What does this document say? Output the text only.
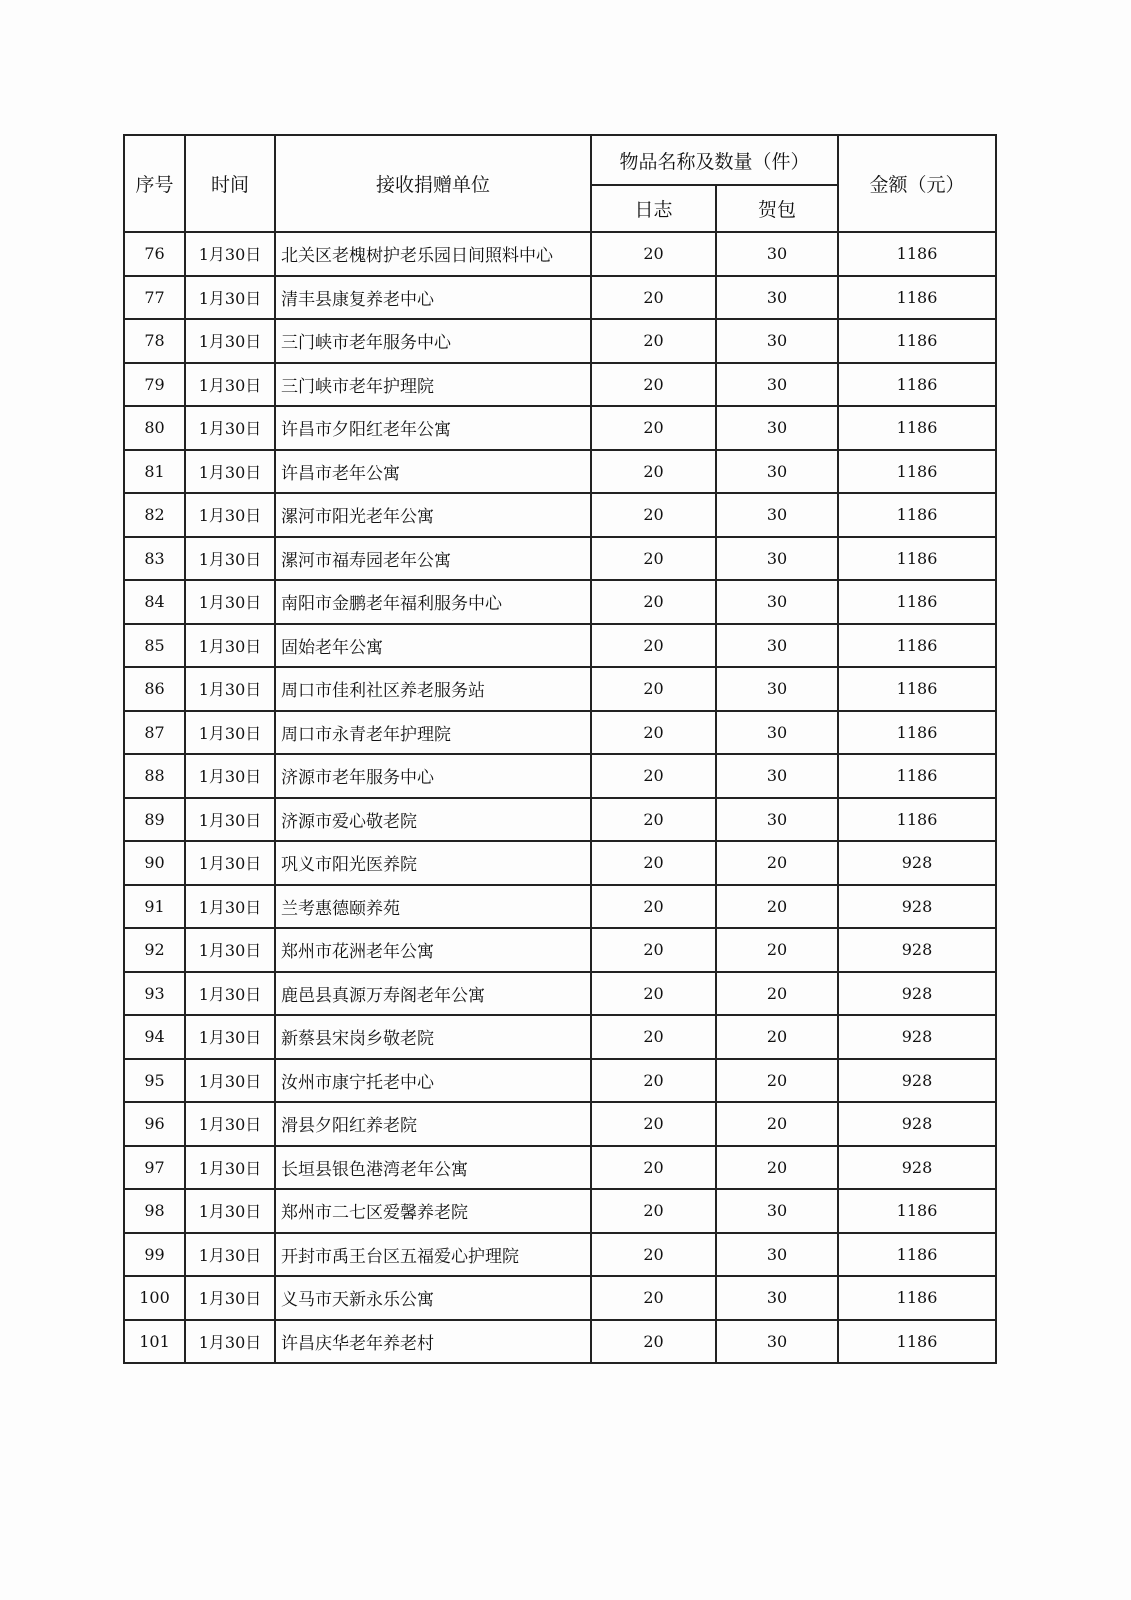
序号	时间	接收捐赠单位	物品名称及数量（件）		金额（元）
			日志	贺包	
76	1月30日	北关区老槐树护老乐园日间照料中心	20	30	1186
77	1月30日	清丰县康复养老中心	20	30	1186
78	1月30日	三门峡市老年服务中心	20	30	1186
79	1月30日	三门峡市老年护理院	20	30	1186
80	1月30日	许昌市夕阳红老年公寓	20	30	1186
81	1月30日	许昌市老年公寓	20	30	1186
82	1月30日	漯河市阳光老年公寓	20	30	1186
83	1月30日	漯河市福寿园老年公寓	20	30	1186
84	1月30日	南阳市金鹏老年福利服务中心	20	30	1186
85	1月30日	固始老年公寓	20	30	1186
86	1月30日	周口市佳利社区养老服务站	20	30	1186
87	1月30日	周口市永青老年护理院	20	30	1186
88	1月30日	济源市老年服务中心	20	30	1186
89	1月30日	济源市爱心敬老院	20	30	1186
90	1月30日	巩义市阳光医养院	20	20	928
91	1月30日	兰考惠德颐养苑	20	20	928
92	1月30日	郑州市花洲老年公寓	20	20	928
93	1月30日	鹿邑县真源万寿阁老年公寓	20	20	928
94	1月30日	新蔡县宋岗乡敬老院	20	20	928
95	1月30日	汝州市康宁托老中心	20	20	928
96	1月30日	滑县夕阳红养老院	20	20	928
97	1月30日	长垣县银色港湾老年公寓	20	20	928
98	1月30日	郑州市二七区爱馨养老院	20	30	1186
99	1月30日	开封市禹王台区五福爱心护理院	20	30	1186
100	1月30日	义马市天新永乐公寓	20	30	1186
101	1月30日	许昌庆华老年养老村	20	30	1186
